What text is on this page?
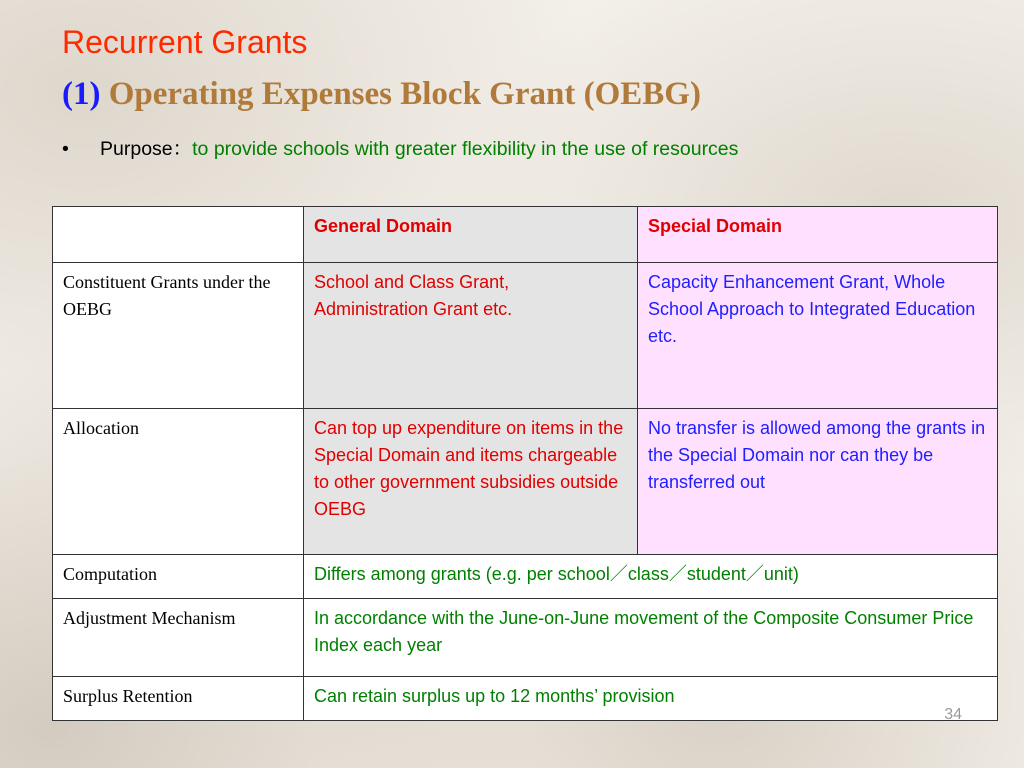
Recurrent Grants
(1) Operating Expenses Block Grant (OEBG)
• Purpose：to provide schools with greater flexibility in the use of resources
	General Domain	Special Domain
Constituent Grants under the OEBG	School and Class Grant, Administration Grant etc.	Capacity Enhancement Grant, Whole School Approach to Integrated Education etc.
Allocation	Can top up expenditure on items in the Special Domain and items chargeable to other government subsidies outside OEBG	No transfer is allowed among the grants in the Special Domain nor can they be transferred out
Computation	Differs among grants (e.g. per school／class／student／unit)	
Adjustment Mechanism	In accordance with the June-on-June movement of the Composite Consumer Price Index each year	
Surplus Retention	Can retain surplus up to 12 months’ provision	
34
